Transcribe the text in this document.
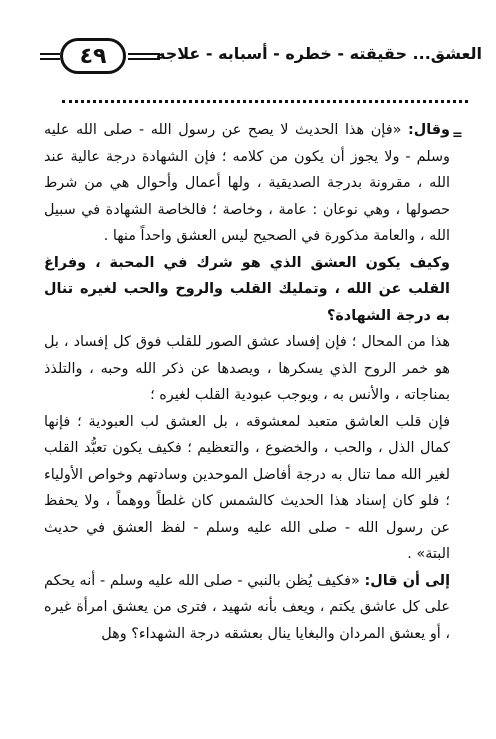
العشق... حقيقته - خطره - أسبابه - علاجه
٤٩
=

وقال: «فإن هذا الحديث لا يصح عن رسول الله - صلى الله عليه وسلم - ولا يجوز أن يكون من كلامه ؛ فإن الشهادة درجة عالية عند الله ، مقرونة بدرجة الصديقية ، ولها أعمال وأحوال هي من شرط حصولها ، وهي نوعان : عامة ، وخاصة ؛ فالخاصة الشهادة في سبيل الله ، والعامة مذكورة في الصحيح ليس العشق واحداً منها .

وكيف يكون العشق الذي هو شرك في المحبة ، وفراغ القلب عن الله ، وتمليك القلب والروح والحب لغيره تنال به درجة الشهادة؟

هذا من المحال ؛ فإن إفساد عشق الصور للقلب فوق كل إفساد ، بل هو خمر الروح الذي يسكرها ، ويصدها عن ذكر الله وحبه ، والتلذذ بمناجاته ، والأنس به ، ويوجب عبودية القلب لغيره ؛

فإن قلب العاشق متعبد لمعشوقه ، بل العشق لب العبودية ؛ فإنها كمال الذل ، والحب ، والخضوع ، والتعظيم ؛ فكيف يكون تعبُّد القلب لغير الله مما تنال به درجة أفاضل الموحدين وسادتهم وخواص الأولياء ؛ فلو كان إسناد هذا الحديث كالشمس كان غلطاً ووهماً ، ولا يحفظ عن رسول الله - صلى الله عليه وسلم - لفظ العشق في حديث البتة» .

إلى أن قال: «فكيف يُظن بالنبي - صلى الله عليه وسلم - أنه يحكم على كل عاشق يكتم ، ويعف بأنه شهيد ، فترى من يعشق امرأة غيره ، أو يعشق المردان والبغايا ينال بعشقه درجة الشهداء؟ وهل
